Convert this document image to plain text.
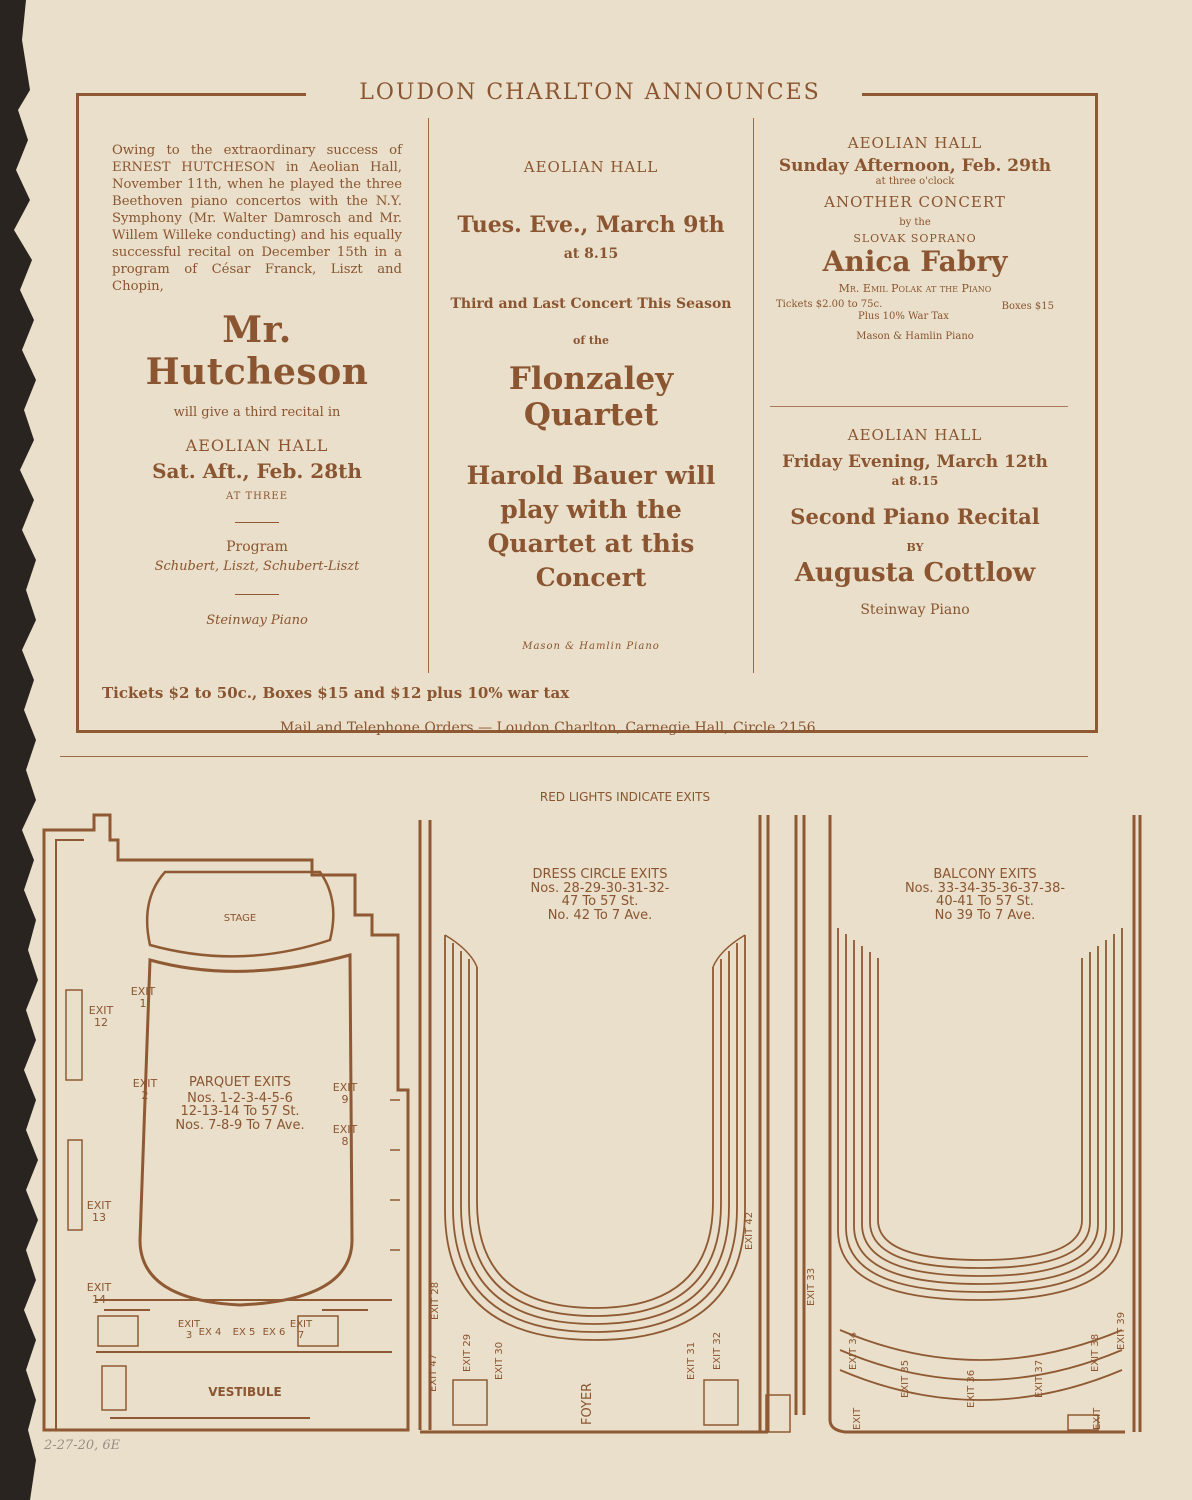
LOUDON CHARLTON ANNOUNCES

Owing to the extraordinary success of ERNEST HUTCHESON in Aeolian Hall, November 11th, when he played the three Beethoven piano concertos with the N.Y. Symphony (Mr. Walter Damrosch and Mr. Willem Willeke conducting) and his equally successful recital on December 15th in a program of César Franck, Liszt and Chopin,

Mr. Hutcheson

will give a third recital in

AEOLIAN HALL

Sat. Aft., Feb. 28th

AT THREE

Program

Schubert, Liszt, Schubert-Liszt

Steinway Piano

AEOLIAN HALL

Tues. Eve., March 9th

at 8.15

Third and Last Concert This Season

of the

Flonzaley Quartet

Harold Bauer will play with the Quartet at this Concert

Mason & Hamlin Piano

AEOLIAN HALL

Sunday Afternoon, Feb. 29th

at three o'clock

ANOTHER CONCERT

by the

SLOVAK SOPRANO

Anica Fabry

Mr. Emil Polak at the Piano

Tickets $2.00 to 75c.	Boxes $15
Plus 10% War Tax

Mason & Hamlin Piano

AEOLIAN HALL

Friday Evening, March 12th

at 8.15

Second Piano Recital

BY

Augusta Cottlow

Steinway Piano

Tickets $2 to 50c., Boxes $15 and $12 plus 10% war tax

Mail and Telephone Orders — Loudon Charlton, Carnegie Hall, Circle 2156

RED LIGHTS INDICATE EXITS

STAGE
VESTIBULE
EXIT 1
EXIT 12
EXIT 2
EXIT 9
EXIT 8
EXIT 13
EXIT 14
EXIT 3 EX 4 EX 5 EX 6
EXIT 7
PARQUET EXITS
Nos. 1-2-3-4-5-6
12-13-14 To 57 St.
Nos. 7-8-9 To 7 Ave.
DRESS CIRCLE EXITS
Nos. 28-29-30-31-32-
47 To 57 St.
No. 42 To 7 Ave.
EXIT 28
EXIT 47
EXIT 29 EXIT 30	EXIT 31 EXIT 32
EXIT 42
FOYER
BALCONY EXITS
Nos. 33-34-35-36-37-38-
40-41 To 57 St.
No 39 To 7 Ave.
EXIT 33
EXIT 34
EXIT 35	EXIT 36	EXIT 37
EXIT 38
EXIT 39
EXIT	EXIT
2-27-20, 6E
